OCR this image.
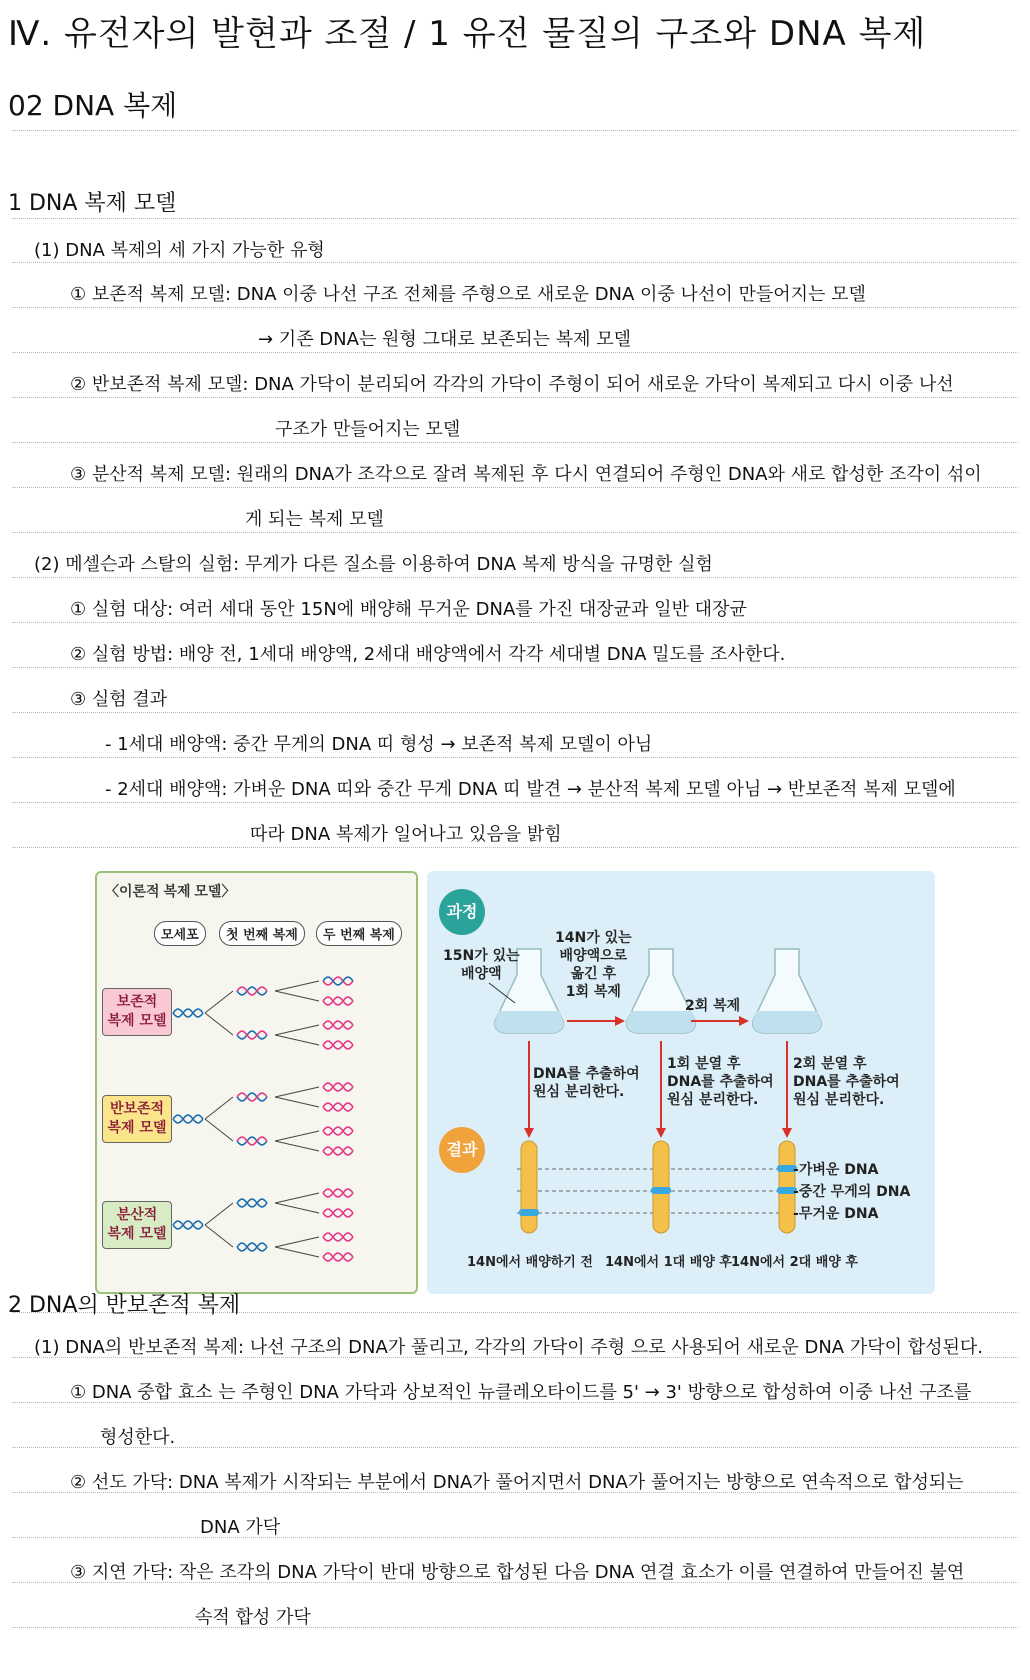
Ⅳ. 유전자의 발현과 조절 / 1 유전 물질의 구조와 DNA 복제
02 DNA 복제
1 DNA 복제 모델
(1) DNA 복제의 세 가지 가능한 유형
① 보존적 복제 모델: DNA 이중 나선 구조 전체를 주형으로 새로운 DNA 이중 나선이 만들어지는 모델
→ 기존 DNA는 원형 그대로 보존되는 복제 모델
② 반보존적 복제 모델: DNA 가닥이 분리되어 각각의 가닥이 주형이 되어 새로운 가닥이 복제되고 다시 이중 나선
구조가 만들어지는 모델
③ 분산적 복제 모델: 원래의 DNA가 조각으로 잘려 복제된 후 다시 연결되어 주형인 DNA와 새로 합성한 조각이 섞이
게 되는 복제 모델
(2) 메셀슨과 스탈의 실험: 무게가 다른 질소를 이용하여 DNA 복제 방식을 규명한 실험
① 실험 대상: 여러 세대 동안 15N에 배양해 무거운 DNA를 가진 대장균과 일반 대장균
② 실험 방법: 배양 전, 1세대 배양액, 2세대 배양액에서 각각 세대별 DNA 밀도를 조사한다.
③ 실험 결과
- 1세대 배양액: 중간 무게의 DNA 띠 형성 → 보존적 복제 모델이 아님
- 2세대 배양액: 가벼운 DNA 띠와 중간 무게 DNA 띠 발견 → 분산적 복제 모델 아님 → 반보존적 복제 모델에
따라 DNA 복제가 일어나고 있음을 밝힘
〈이론적 복제 모델〉
모세포	첫 번째 복제	두 번째 복제
보존적
복제 모델
반보존적
복제 모델
분산적
복제 모델
과정
결과
15N가 있는
배양액
14N가 있는
배양액으로
옮긴 후
1회 복제
2회 복제
DNA를 추출하여
원심 분리한다.
1회 분열 후
DNA를 추출하여
원심 분리한다.
2회 분열 후
DNA를 추출하여
원심 분리한다.
-가벼운 DNA
-중간 무게의 DNA
-무거운 DNA
14N에서 배양하기 전 14N에서 1대 배양 후 14N에서 2대 배양 후
2 DNA의 반보존적 복제
(1) DNA의 반보존적 복제: 나선 구조의 DNA가 풀리고, 각각의 가닥이 주형 으로 사용되어 새로운 DNA 가닥이 합성된다.
① DNA 중합 효소 는 주형인 DNA 가닥과 상보적인 뉴클레오타이드를 5' → 3' 방향으로 합성하여 이중 나선 구조를
형성한다.
② 선도 가닥: DNA 복제가 시작되는 부분에서 DNA가 풀어지면서 DNA가 풀어지는 방향으로 연속적으로 합성되는
DNA 가닥
③ 지연 가닥: 작은 조각의 DNA 가닥이 반대 방향으로 합성된 다음 DNA 연결 효소가 이를 연결하여 만들어진 불연
속적 합성 가닥
